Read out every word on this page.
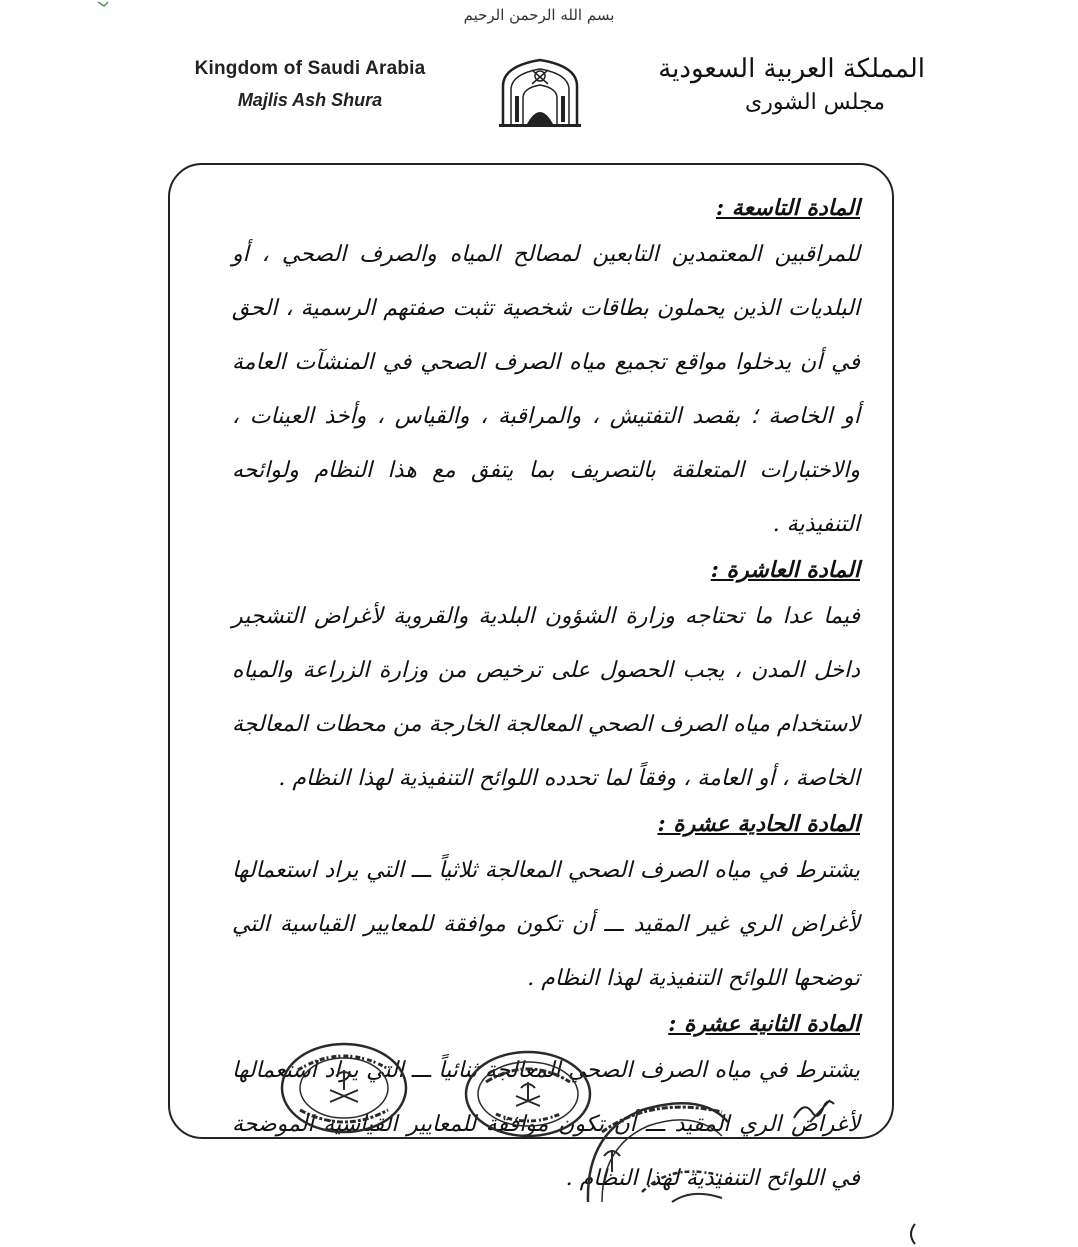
بسم الله الرحمن الرحيم
Kingdom of Saudi Arabia
Majlis Ash Shura
المملكة العربية السعودية
مجلس الشورى
المادة التاسعة :
للمراقبين المعتمدين التابعين لمصالح المياه والصرف الصحي ، أو البلديات الذين يحملون بطاقات شخصية تثبت صفتهم الرسمية ، الحق في أن يدخلوا مواقع تجميع مياه الصرف الصحي في المنشآت العامة أو الخاصة ؛ بقصد التفتيش ، والمراقبة ، والقياس ، وأخذ العينات ، والاختبارات المتعلقة بالتصريف بما يتفق مع هذا النظام ولوائحه التنفيذية .
المادة العاشرة :
فيما عدا ما تحتاجه وزارة الشؤون البلدية والقروية لأغراض التشجير داخل المدن ، يجب الحصول على ترخيص من وزارة الزراعة والمياه لاستخدام مياه الصرف الصحي المعالجة الخارجة من محطات المعالجة الخاصة ، أو العامة ، وفقاً لما تحدده اللوائح التنفيذية لهذا النظام .
المادة الحادية عشرة :
يشترط في مياه الصرف الصحي المعالجة ثلاثياً ـــ التي يراد استعمالها لأغراض الري غير المقيد ـــ أن تكون موافقة للمعايير القياسية التي توضحها اللوائح التنفيذية لهذا النظام .
المادة الثانية عشرة :
يشترط في مياه الصرف الصحي المعالجة ثنائياً ـــ التي يراد استعمالها لأغراض الري المقيد ـــ أن تكون موافقة للمعايير القياسية الموضحة في اللوائح التنفيذية لهذا النظام .
